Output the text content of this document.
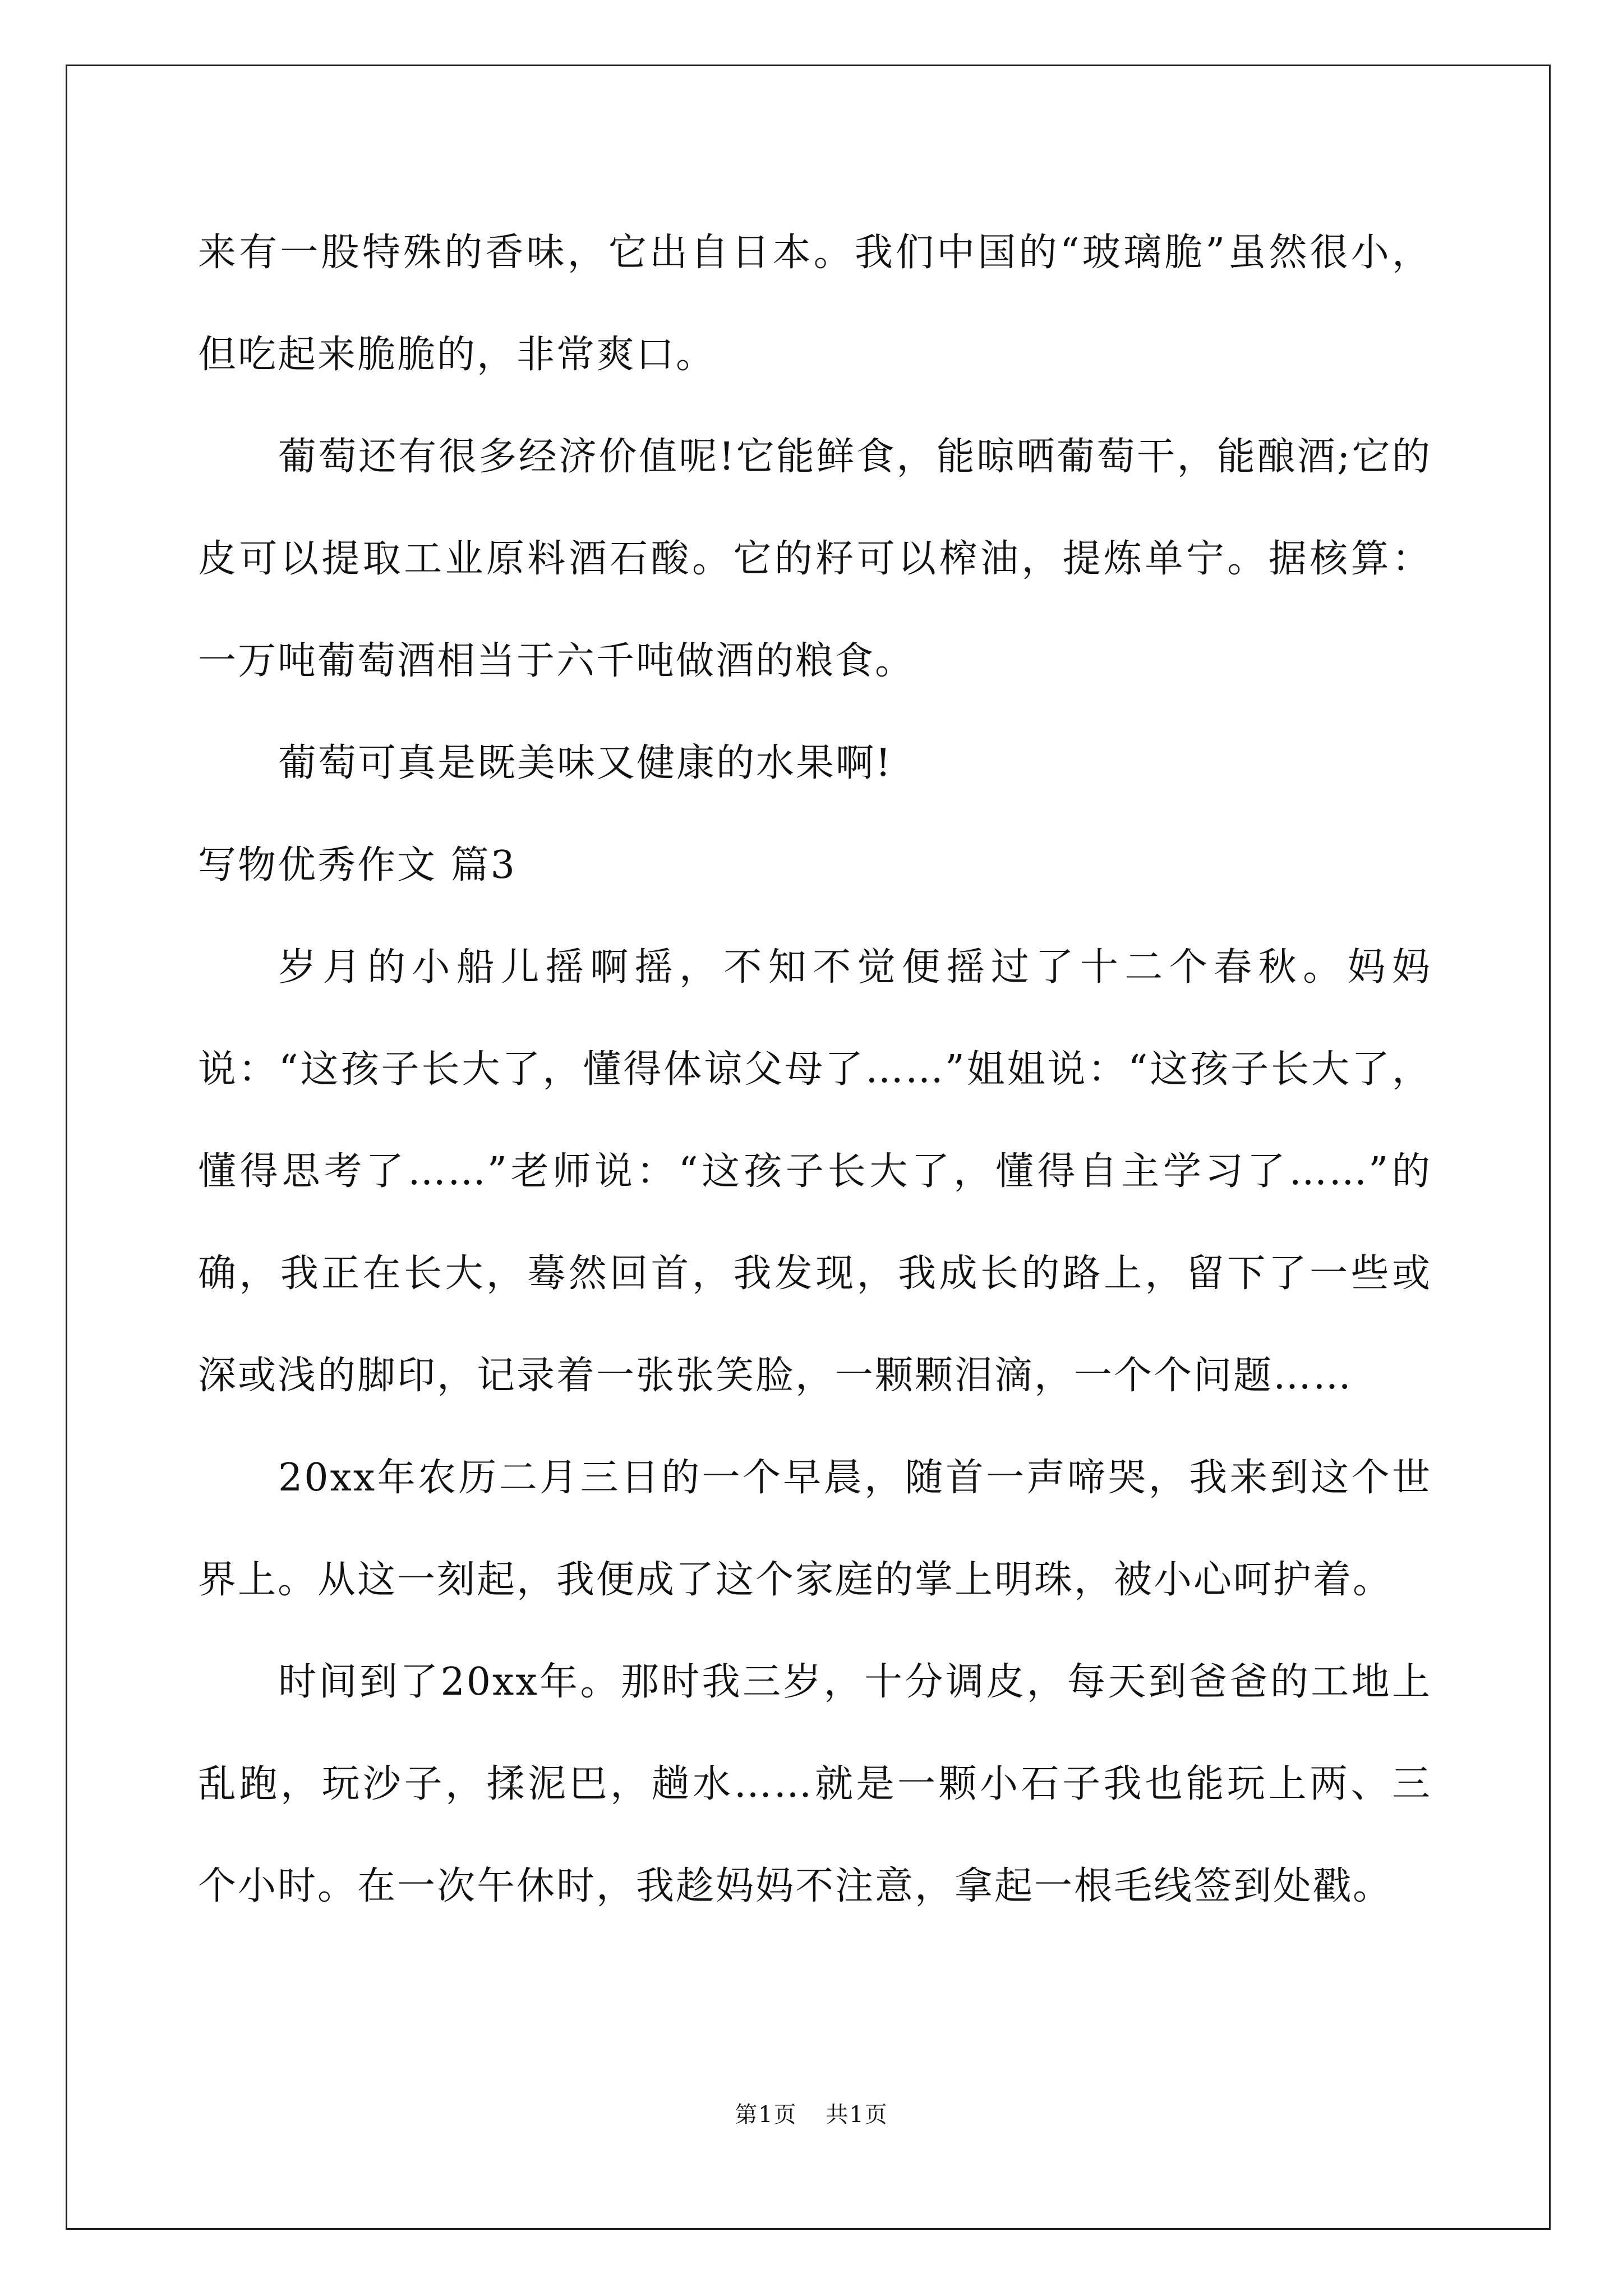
来有一股特殊的香味，它出自日本。我们中国的“玻璃脆”虽然很小，但吃起来脆脆的，非常爽口。

葡萄还有很多经济价值呢!它能鲜食，能晾晒葡萄干，能酿酒;它的皮可以提取工业原料酒石酸。它的籽可以榨油，提炼单宁。据核算：一万吨葡萄酒相当于六千吨做酒的粮食。

葡萄可真是既美味又健康的水果啊!

写物优秀作文 篇3

岁月的小船儿摇啊摇，不知不觉便摇过了十二个春秋。妈妈说：“这孩子长大了，懂得体谅父母了……”姐姐说：“这孩子长大了，懂得思考了……”老师说：“这孩子长大了，懂得自主学习了……”的确，我正在长大，蓦然回首，我发现，我成长的路上，留下了一些或深或浅的脚印，记录着一张张笑脸，一颗颗泪滴，一个个问题……

20xx年农历二月三日的一个早晨，随首一声啼哭，我来到这个世界上。从这一刻起，我便成了这个家庭的掌上明珠，被小心呵护着。

时间到了20xx年。那时我三岁，十分调皮，每天到爸爸的工地上乱跑，玩沙子，揉泥巴，趟水……就是一颗小石子我也能玩上两、三个小时。在一次午休时，我趁妈妈不注意，拿起一根毛线签到处戳。

第1页 共1页
